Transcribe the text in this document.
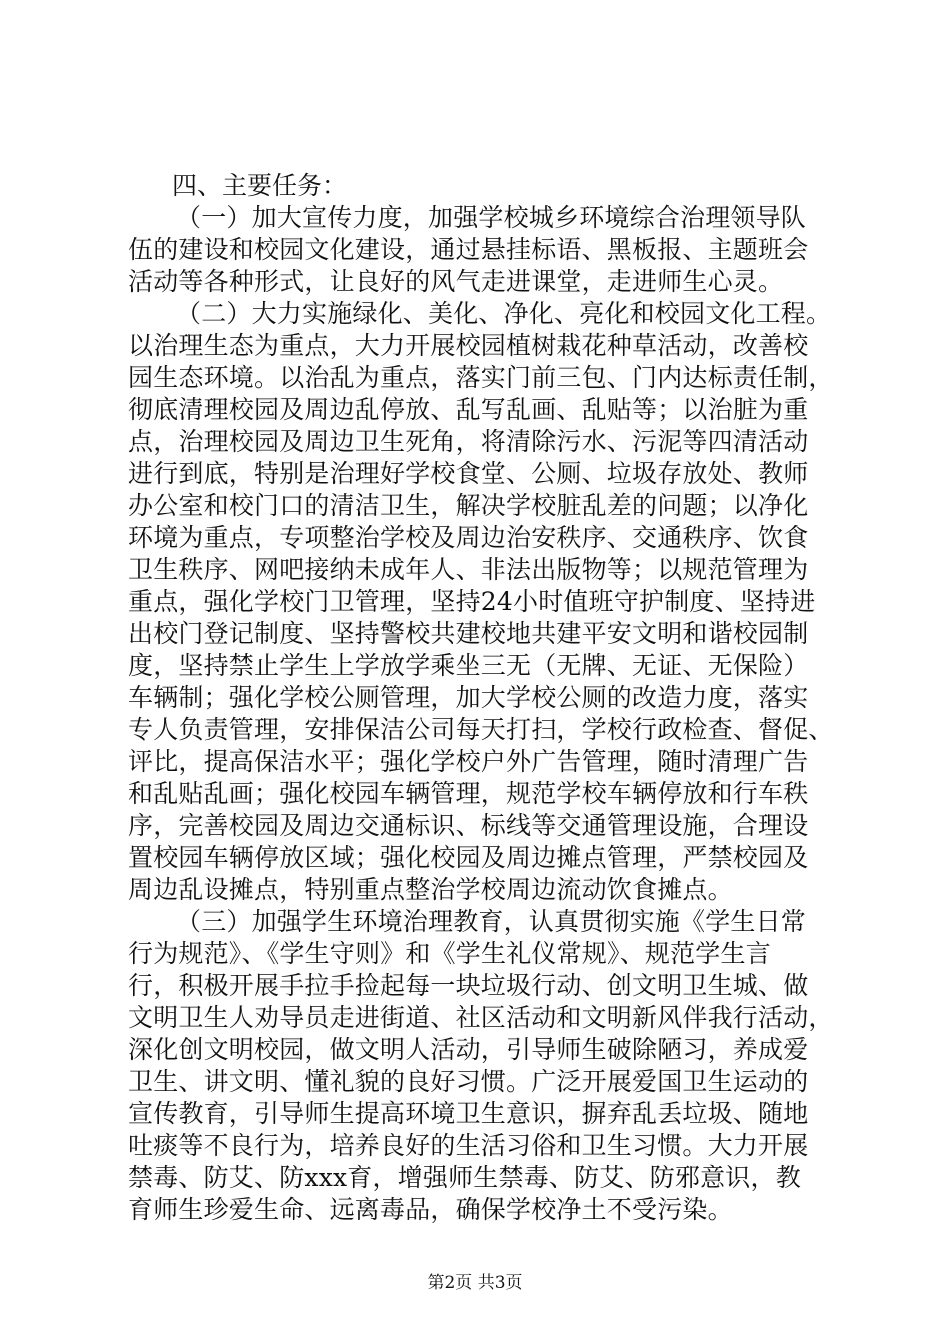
四、主要任务：

（一）加大宣传力度，加强学校城乡环境综合治理领导队
伍的建设和校园文化建设，通过悬挂标语、黑板报、主题班会
活动等各种形式，让良好的风气走进课堂，走进师生心灵。
（二）大力实施绿化、美化、净化、亮化和校园文化工程。
以治理生态为重点，大力开展校园植树栽花种草活动，改善校
园生态环境。以治乱为重点，落实门前三包、门内达标责任制，
彻底清理校园及周边乱停放、乱写乱画、乱贴等；以治脏为重
点，治理校园及周边卫生死角，将清除污水、污泥等四清活动
进行到底，特别是治理好学校食堂、公厕、垃圾存放处、教师
办公室和校门口的清洁卫生，解决学校脏乱差的问题；以净化
环境为重点，专项整治学校及周边治安秩序、交通秩序、饮食
卫生秩序、网吧接纳未成年人、非法出版物等；以规范管理为
重点，强化学校门卫管理，坚持24小时值班守护制度、坚持进
出校门登记制度、坚持警校共建校地共建平安文明和谐校园制
度，坚持禁止学生上学放学乘坐三无（无牌、无证、无保险）
车辆制；强化学校公厕管理，加大学校公厕的改造力度，落实
专人负责管理，安排保洁公司每天打扫，学校行政检查、督促、
评比，提高保洁水平；强化学校户外广告管理，随时清理广告
和乱贴乱画；强化校园车辆管理，规范学校车辆停放和行车秩
序，完善校园及周边交通标识、标线等交通管理设施，合理设
置校园车辆停放区域；强化校园及周边摊点管理，严禁校园及
周边乱设摊点，特别重点整治学校周边流动饮食摊点。
（三）加强学生环境治理教育，认真贯彻实施《学生日常
行为规范》、《学生守则》和《学生礼仪常规》、规范学生言
行，积极开展手拉手捡起每一块垃圾行动、创文明卫生城、做
文明卫生人劝导员走进街道、社区活动和文明新风伴我行活动，
深化创文明校园，做文明人活动，引导师生破除陋习，养成爱
卫生、讲文明、懂礼貌的良好习惯。广泛开展爱国卫生运动的
宣传教育，引导师生提高环境卫生意识，摒弃乱丢垃圾、随地
吐痰等不良行为，培养良好的生活习俗和卫生习惯。大力开展
禁毒、防艾、防xxx育，增强师生禁毒、防艾、防邪意识，教
育师生珍爱生命、远离毒品，确保学校净土不受污染。
第2页 共3页
